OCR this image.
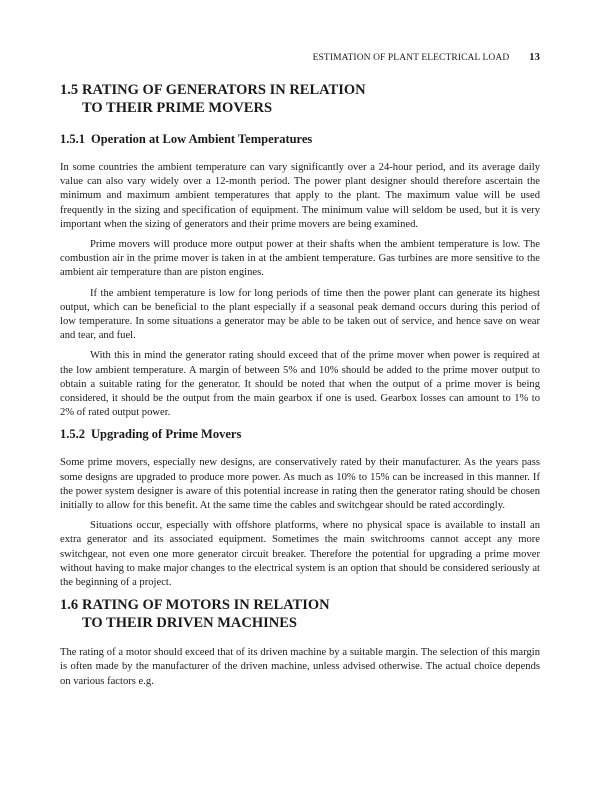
ESTIMATION OF PLANT ELECTRICAL LOAD 13
1.5 RATING OF GENERATORS IN RELATION
TO THEIR PRIME MOVERS
1.5.1 Operation at Low Ambient Temperatures

In some countries the ambient temperature can vary significantly over a 24-hour period, and its average daily value can also vary widely over a 12-month period. The power plant designer should therefore ascertain the minimum and maximum ambient temperatures that apply to the plant. The maximum value will be used frequently in the sizing and specification of equipment. The minimum value will seldom be used, but it is very important when the sizing of generators and their prime movers are being examined.

Prime movers will produce more output power at their shafts when the ambient temperature is low. The combustion air in the prime mover is taken in at the ambient temperature. Gas turbines are more sensitive to the ambient air temperature than are piston engines.

If the ambient temperature is low for long periods of time then the power plant can generate its highest output, which can be beneficial to the plant especially if a seasonal peak demand occurs during this period of low temperature. In some situations a generator may be able to be taken out of service, and hence save on wear and tear, and fuel.

With this in mind the generator rating should exceed that of the prime mover when power is required at the low ambient temperature. A margin of between 5% and 10% should be added to the prime mover output to obtain a suitable rating for the generator. It should be noted that when the output of a prime mover is being considered, it should be the output from the main gearbox if one is used. Gearbox losses can amount to 1% to 2% of rated output power.

1.5.2 Upgrading of Prime Movers

Some prime movers, especially new designs, are conservatively rated by their manufacturer. As the years pass some designs are upgraded to produce more power. As much as 10% to 15% can be increased in this manner. If the power system designer is aware of this potential increase in rating then the generator rating should be chosen initially to allow for this benefit. At the same time the cables and switchgear should be rated accordingly.

Situations occur, especially with offshore platforms, where no physical space is available to install an extra generator and its associated equipment. Sometimes the main switchrooms cannot accept any more switchgear, not even one more generator circuit breaker. Therefore the potential for upgrading a prime mover without having to make major changes to the electrical system is an option that should be considered seriously at the beginning of a project.

1.6 RATING OF MOTORS IN RELATION
TO THEIR DRIVEN MACHINES

The rating of a motor should exceed that of its driven machine by a suitable margin. The selection of this margin is often made by the manufacturer of the driven machine, unless advised otherwise. The actual choice depends on various factors e.g.
